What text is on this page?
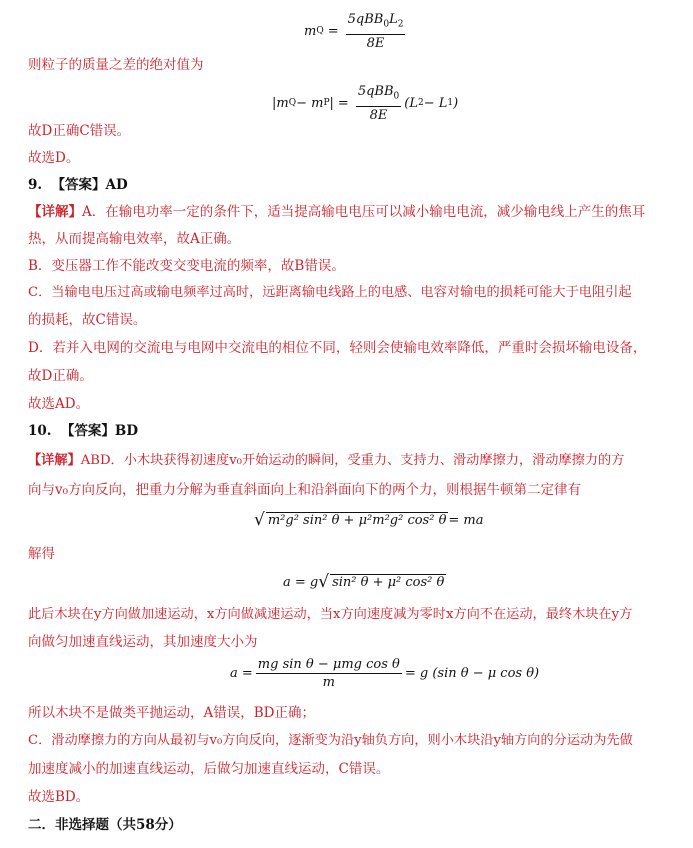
m $Q = \frac{5qBB_0L_2}{8E}$
则粒子的质量之差的绝对值为
|m Q − m P | = $\frac{5qBB_0}{8E} (L$ 2 − L 1 )
故D正确C错误。
故选D。
9. 【答案】AD
【详解】A．在输电功率一定的条件下，适当提高输电电压可以减小输电电流，减少输电线上产生的焦耳
热，从而提高输电效率，故A正确。
B．变压器工作不能改变交变电流的频率，故B错误。
C．当输电电压过高或输电频率过高时，远距离输电线路上的电感、电容对输电的损耗可能大于电阻引起
的损耗，故C错误。
D．若并入电网的交流电与电网中交流电的相位不同，轻则会使输电效率降低，严重时会损坏输电设备，
故D正确。
故选AD。
10. 【答案】BD
【详解】ABD．小木块获得初速度v₀开始运动的瞬间，受重力、支持力、滑动摩擦力，滑动摩擦力的方
向与v₀方向反向，把重力分解为垂直斜面向上和沿斜面向下的两个力，则根据牛顿第二定律有
√ m²g² sin² θ + μ²m²g² cos² θ = ma
解得
a = g √ sin² θ + μ² cos² θ
此后木块在y方向做加速运动，x方向做减速运动，当x方向速度减为零时x方向不在运动，最终木块在y方
向做匀加速直线运动，其加速度大小为
$a = \frac{\text{mg sin θ − μmg cos θ}}{m} = g$ (sin θ − μ cos θ)
所以木块不是做类平抛运动，A错误，BD正确；
C．滑动摩擦力的方向从最初与v₀方向反向，逐渐变为沿y轴负方向，则小木块沿y轴方向的分运动为先做
加速度减小的加速直线运动，后做匀加速直线运动，C错误。
故选BD。
二．非选择题（共58分）
